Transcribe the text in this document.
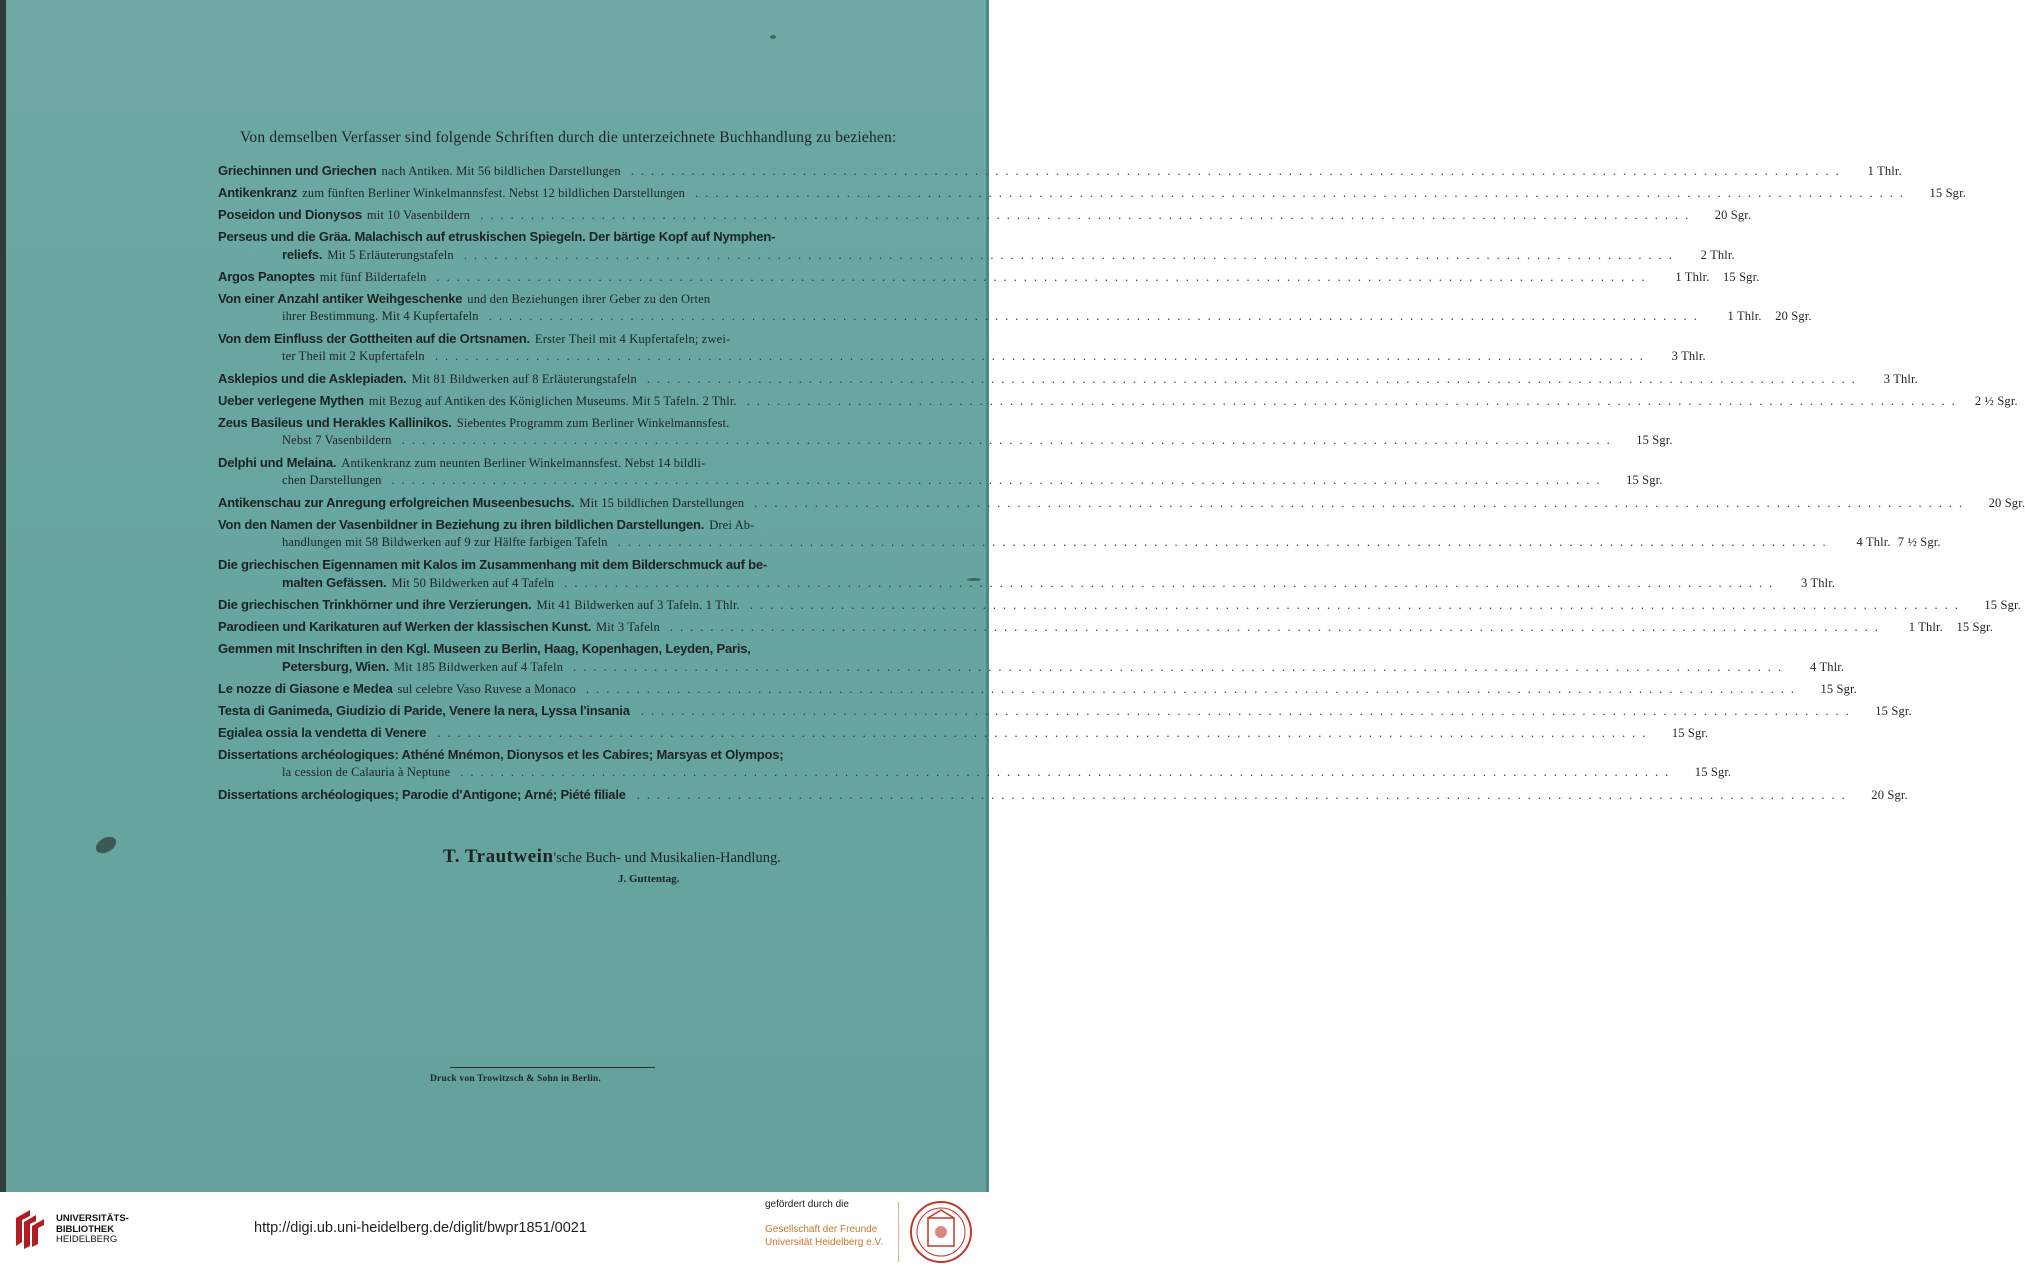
Von demselben Verfasser sind folgende Schriften durch die unterzeichnete Buchhandlung zu beziehen:

Griechinnen und Griechen nach Antiken. Mit 56 bildlichen Darstellungen ........................................................................................................................	1 Thlr.
Antikenkranz zum fünften Berliner Winkelmannsfest. Nebst 12 bildlichen Darstellungen ........................................................................................................................	15 Sgr.
Poseidon und Dionysos mit 10 Vasenbildern ........................................................................................................................	20 Sgr.
Perseus und die Gräa. Malachisch auf etruskischen Spiegeln. Der bärtige Kopf auf Nymphen-
reliefs. Mit 5 Erläuterungstafeln ........................................................................................................................	2 Thlr.
Argos Panoptes mit fünf Bildertafeln ........................................................................................................................	1 Thlr.	15 Sgr.
Von einer Anzahl antiker Weihgeschenke und den Beziehungen ihrer Geber zu den Orten
ihrer Bestimmung. Mit 4 Kupfertafeln ........................................................................................................................	1 Thlr.	20 Sgr.
Von dem Einfluss der Gottheiten auf die Ortsnamen. Erster Theil mit 4 Kupfertafeln; zwei-
ter Theil mit 2 Kupfertafeln ........................................................................................................................	3 Thlr.
Asklepios und die Asklepiaden. Mit 81 Bildwerken auf 8 Erläuterungstafeln ........................................................................................................................	3 Thlr.
Ueber verlegene Mythen mit Bezug auf Antiken des Königlichen Museums. Mit 5 Tafeln. 2 Thlr. ........................................................................................................................	2 ½ Sgr.
Zeus Basileus und Herakles Kallinikos. Siebentes Programm zum Berliner Winkelmannsfest.
Nebst 7 Vasenbildern ........................................................................................................................	15 Sgr.
Delphi und Melaina. Antikenkranz zum neunten Berliner Winkelmannsfest. Nebst 14 bildli-
chen Darstellungen ........................................................................................................................	15 Sgr.
Antikenschau zur Anregung erfolgreichen Museenbesuchs. Mit 15 bildlichen Darstellungen ........................................................................................................................	20 Sgr.
Von den Namen der Vasenbildner in Beziehung zu ihren bildlichen Darstellungen. Drei Ab-
handlungen mit 58 Bildwerken auf 9 zur Hälfte farbigen Tafeln ........................................................................................................................	4 Thlr. 7 ½ Sgr.
Die griechischen Eigennamen mit Kalos im Zusammenhang mit dem Bilderschmuck auf be-
malten Gefässen. Mit 50 Bildwerken auf 4 Tafeln ........................................................................................................................	3 Thlr.
Die griechischen Trinkhörner und ihre Verzierungen. Mit 41 Bildwerken auf 3 Tafeln. 1 Thlr. ........................................................................................................................	15 Sgr.
Parodieen und Karikaturen auf Werken der klassischen Kunst. Mit 3 Tafeln ........................................................................................................................	1 Thlr.	15 Sgr.
Gemmen mit Inschriften in den Kgl. Museen zu Berlin, Haag, Kopenhagen, Leyden, Paris,
Petersburg, Wien. Mit 185 Bildwerken auf 4 Tafeln ........................................................................................................................	4 Thlr.
Le nozze di Giasone e Medea sul celebre Vaso Ruvese a Monaco ........................................................................................................................	15 Sgr.
Testa di Ganimeda, Giudizio di Paride, Venere la nera, Lyssa l'insania ........................................................................................................................	15 Sgr.
Egialea ossia la vendetta di Venere ........................................................................................................................	15 Sgr.
Dissertations archéologiques: Athéné Mnémon, Dionysos et les Cabires; Marsyas et Olympos;
la cession de Calauria à Neptune ........................................................................................................................	15 Sgr.
Dissertations archéologiques; Parodie d'Antigone; Arné; Piété filiale ........................................................................................................................	20 Sgr.
T. Trautwein'sche Buch- und Musikalien-Handlung.
J. Guttentag.
Druck von Trowitzsch & Sohn in Berlin.
UNIVERSITÄTS-
BIBLIOTHEK
HEIDELBERG
http://digi.ub.uni-heidelberg.de/diglit/bwpr1851/0021
gefördert durch die
Gesellschaft der Freunde
Universität Heidelberg e.V.
